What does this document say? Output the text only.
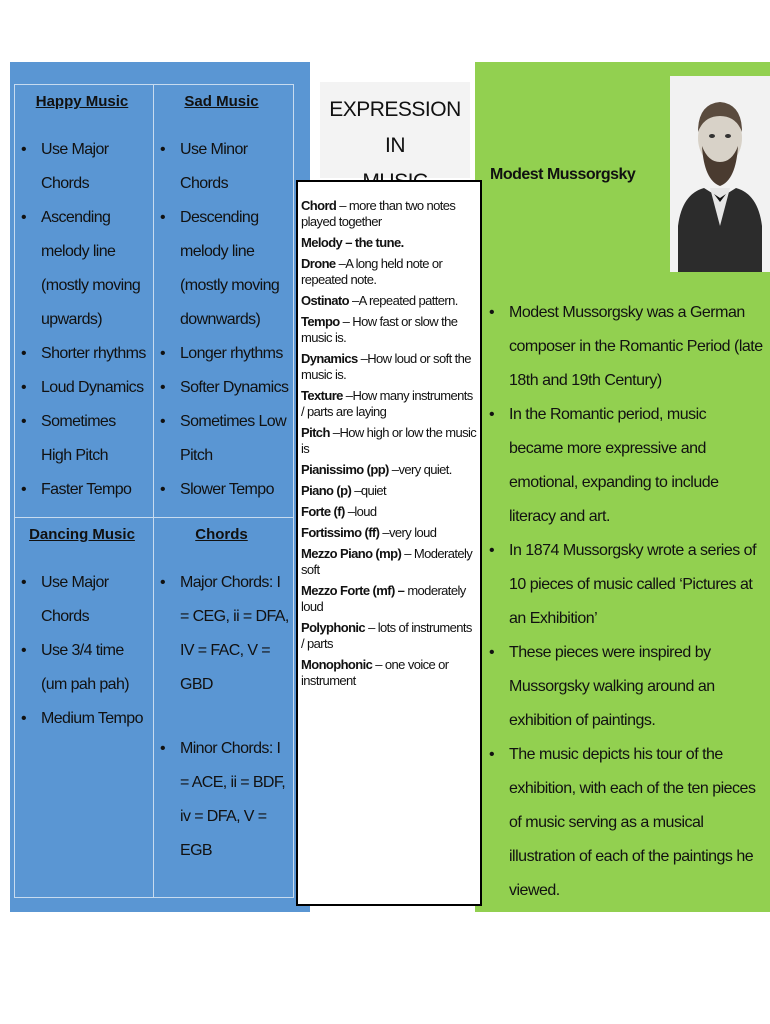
Happy Music
• Use Major Chords
• Ascending melody line (mostly moving upwards)
• Shorter rhythms
• Loud Dynamics
• Sometimes High Pitch
• Faster Tempo
Sad Music
• Use Minor Chords
• Descending melody line (mostly moving downwards)
• Longer rhythms
• Softer Dynamics
• Sometimes Low Pitch
• Slower Tempo
Dancing Music
• Use Major Chords
• Use 3/4 time (um pah pah)
• Medium Tempo
Chords
• Major Chords: I = CEG, ii = DFA, IV = FAC, V = GBD
• Minor Chords: I = ACE, ii = BDF, iv = DFA, V = EGB
EXPRESSION IN
Modest Mussorgsky
• Modest Mussorgsky was a German composer in the Romantic Period (late 18th and 19th Century)
• In the Romantic period, music became more expressive and emotional, expanding to include literacy and art.
• In 1874 Mussorgsky wrote a series of 10 pieces of music called ‘Pictures at an Exhibition’
• These pieces were inspired by Mussorgsky walking around an exhibition of paintings.
• The music depicts his tour of the exhibition, with each of the ten pieces of music serving as a musical illustration of each of the paintings he viewed.
Chord – more than two notes played together
Melody – the tune.
Drone –A long held note or repeated note.
Ostinato –A repeated pattern.
Tempo – How fast or slow the music is.
Dynamics –How loud or soft the music is.
Texture –How many instruments / parts are laying
Pitch –How high or low the music is
Pianissimo (pp) –very quiet.
Piano (p) –quiet
Forte (f) –loud
Fortissimo (ff) –very loud
Mezzo Piano (mp) – Moderately soft
Mezzo Forte (mf) – moderately loud
Polyphonic – lots of instruments / parts
Monophonic – one voice or instrument
